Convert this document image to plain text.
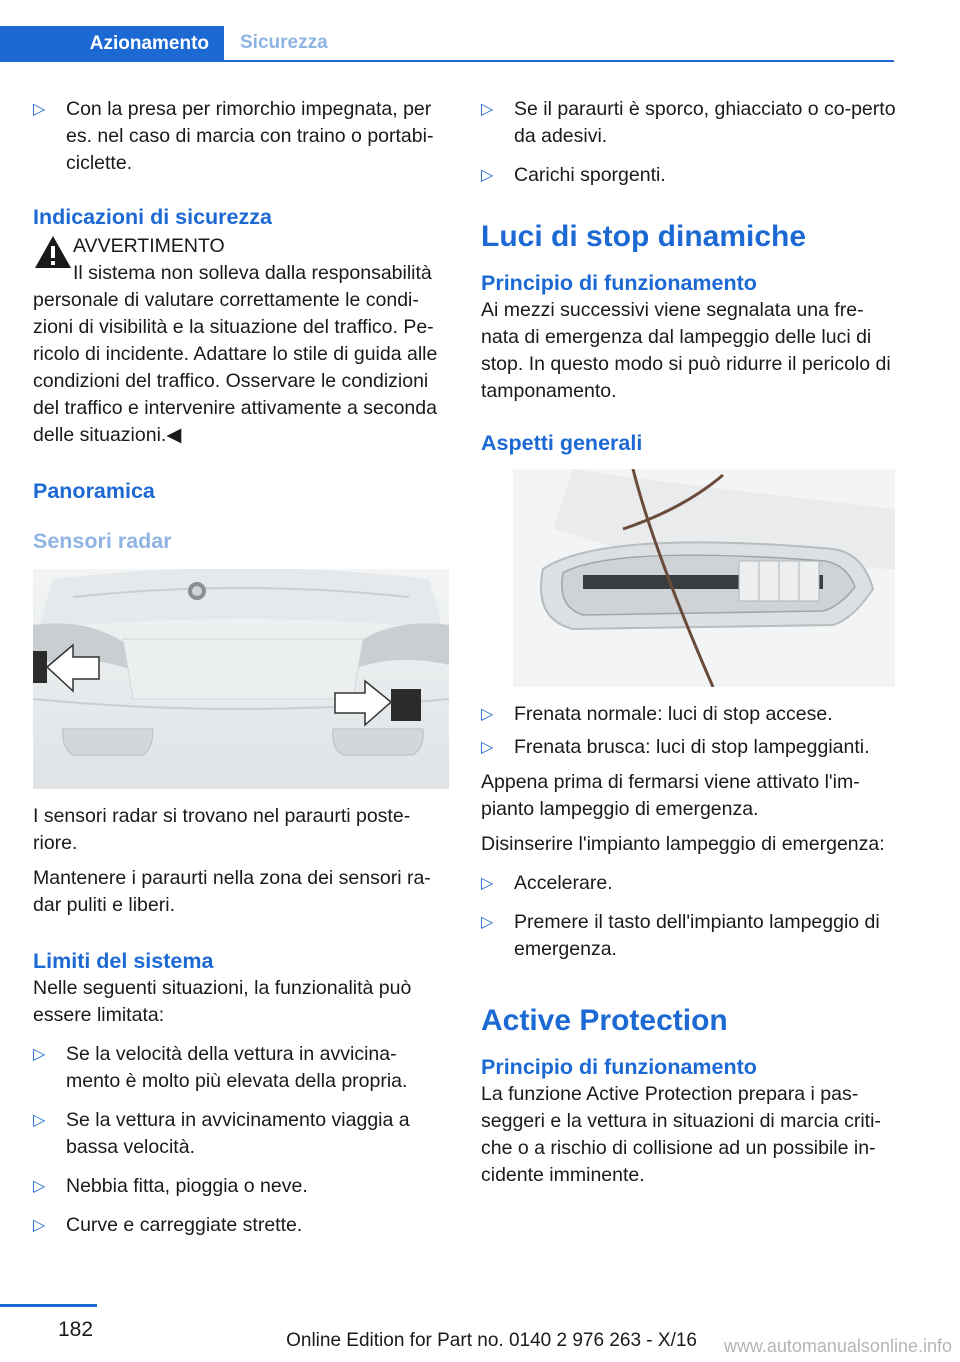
Azionamento	Sicurezza
▷ Con la presa per rimorchio impegnata, per es. nel caso di marcia con traino o portabi-ciclette.
Indicazioni di sicurezza
AVVERTIMENTO
Il sistema non solleva dalla responsabilità
personale di valutare correttamente le condi-zioni di visibilità e la situazione del traffico. Pe-ricolo di incidente. Adattare lo stile di guida alle condizioni del traffico. Osservare le condizioni del traffico e intervenire attivamente a seconda delle situazioni.◀
Panoramica
Sensori radar
I sensori radar si trovano nel paraurti poste-riore.
Mantenere i paraurti nella zona dei sensori ra-dar puliti e liberi.
Limiti del sistema
Nelle seguenti situazioni, la funzionalità può essere limitata:
▷ Se la velocità della vettura in avvicina-mento è molto più elevata della propria.
▷ Se la vettura in avvicinamento viaggia a bassa velocità.
▷ Nebbia fitta, pioggia o neve.
▷ Curve e carreggiate strette.
▷ Se il paraurti è sporco, ghiacciato o co-perto da adesivi.
▷ Carichi sporgenti.
Luci di stop dinamiche
Principio di funzionamento
Ai mezzi successivi viene segnalata una fre-nata di emergenza dal lampeggio delle luci di stop. In questo modo si può ridurre il pericolo di tamponamento.
Aspetti generali
▷ Frenata normale: luci di stop accese.
▷ Frenata brusca: luci di stop lampeggianti.
Appena prima di fermarsi viene attivato l'im-pianto lampeggio di emergenza.
Disinserire l'impianto lampeggio di emergenza:
▷ Accelerare.
▷ Premere il tasto dell'impianto lampeggio di emergenza.
Active Protection
Principio di funzionamento
La funzione Active Protection prepara i pas-seggeri e la vettura in situazioni di marcia criti-che o a rischio di collisione ad un possibile in-cidente imminente.
182	Online Edition for Part no. 0140 2 976 263 - X/16 www.automanualsonline.info
